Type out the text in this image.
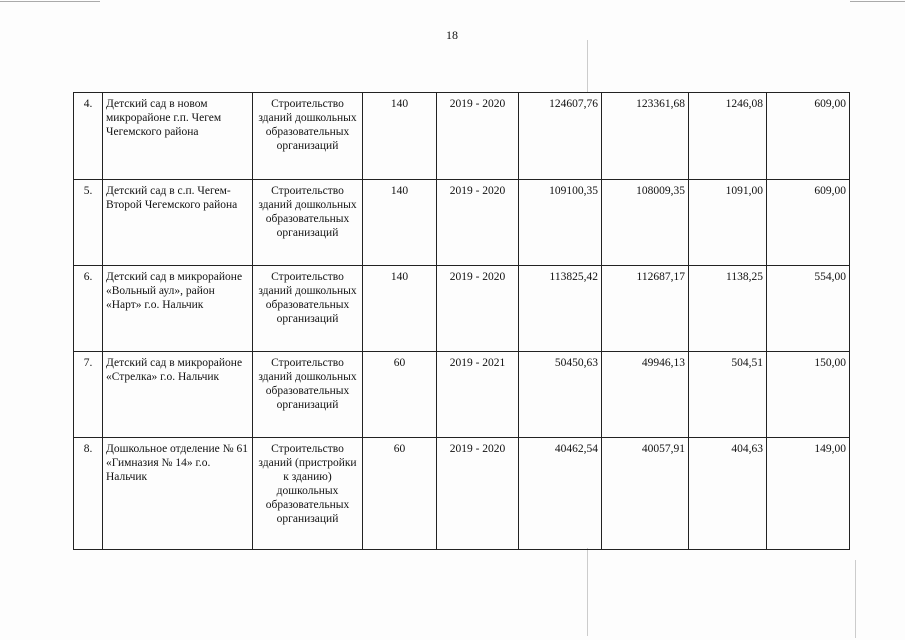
18
4.	Детский сад в новом микрорайоне г.п. Чегем Чегемского района	Строительство зданий дошкольных образовательных организаций	140	2019 - 2020	124607,76	123361,68	1246,08	609,00
5.	Детский сад в с.п. Чегем-Второй Чегемского района	Строительство зданий дошкольных образовательных организаций	140	2019 - 2020	109100,35	108009,35	1091,00	609,00
6.	Детский сад в микрорайоне «Вольный аул», район «Нарт» г.о. Нальчик	Строительство зданий дошкольных образовательных организаций	140	2019 - 2020	113825,42	112687,17	1138,25	554,00
7.	Детский сад в микрорайоне «Стрелка» г.о. Нальчик	Строительство зданий дошкольных образовательных организаций	60	2019 - 2021	50450,63	49946,13	504,51	150,00
8.	Дошкольное отделение № 61 «Гимназия № 14» г.о. Нальчик	Строительство зданий (пристройки к зданию) дошкольных образовательных организаций	60	2019 - 2020	40462,54	40057,91	404,63	149,00
